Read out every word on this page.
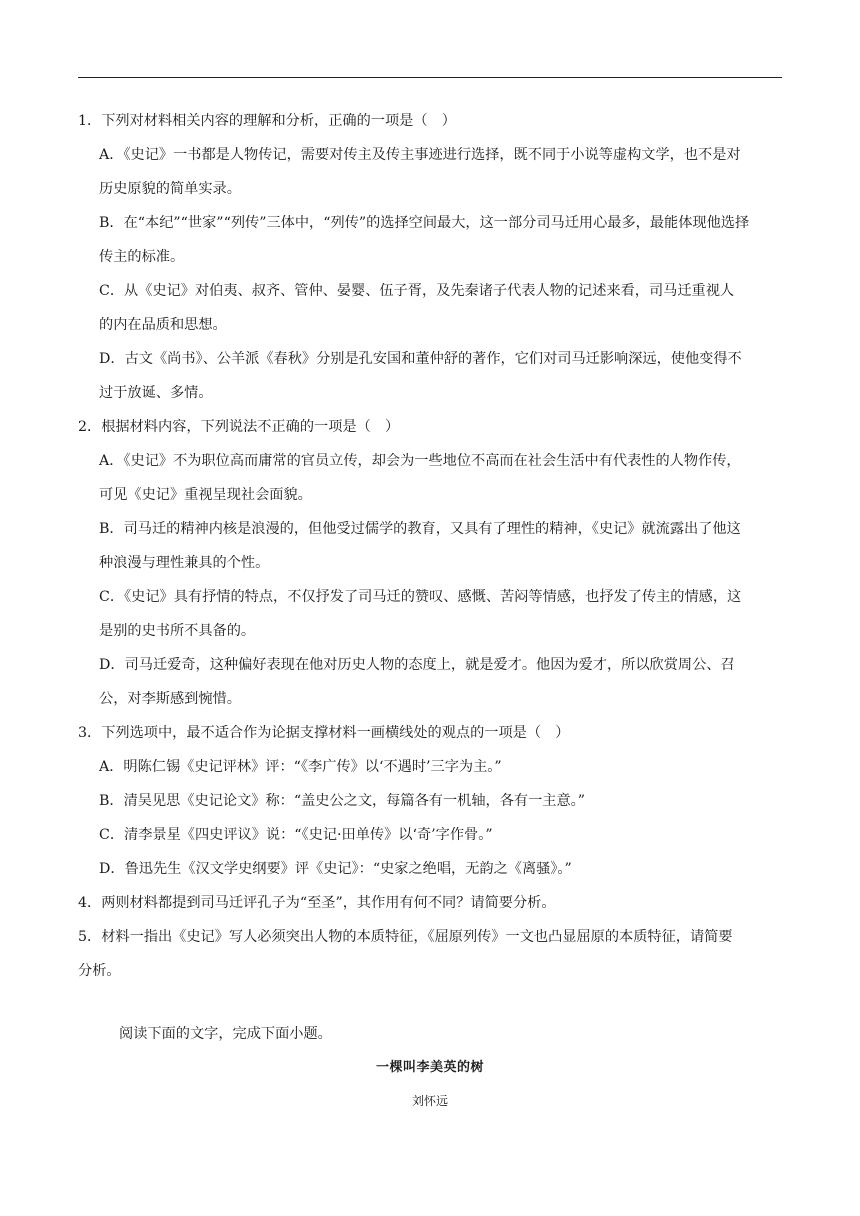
1．下列对材料相关内容的理解和分析，正确的一项是（　）

A．《史记》一书都是人物传记，需要对传主及传主事迹进行选择，既不同于小说等虚构文学，也不是对

历史原貌的简单实录。

B．在“本纪”“世家”“列传”三体中，“列传”的选择空间最大，这一部分司马迁用心最多，最能体现他选择

传主的标准。

C．从《史记》对伯夷、叔齐、管仲、晏婴、伍子胥，及先秦诸子代表人物的记述来看，司马迁重视人

的内在品质和思想。

D．古文《尚书》、公羊派《春秋》分别是孔安国和董仲舒的著作，它们对司马迁影响深远，使他变得不

过于放诞、多情。

2．根据材料内容，下列说法不正确的一项是（　）

A．《史记》不为职位高而庸常的官员立传，却会为一些地位不高而在社会生活中有代表性的人物作传，

可见《史记》重视呈现社会面貌。

B．司马迁的精神内核是浪漫的，但他受过儒学的教育，又具有了理性的精神，《史记》就流露出了他这

种浪漫与理性兼具的个性。

C．《史记》具有抒情的特点，不仅抒发了司马迁的赞叹、感慨、苦闷等情感，也抒发了传主的情感，这

是别的史书所不具备的。

D．司马迁爱奇，这种偏好表现在他对历史人物的态度上，就是爱才。他因为爱才，所以欣赏周公、召

公，对李斯感到惋惜。

3．下列选项中，最不适合作为论据支撑材料一画横线处的观点的一项是（　）

A．明陈仁锡《史记评林》评：“《李广传》以‘不遇时’三字为主。”

B．清吴见思《史记论文》称：“盖史公之文，每篇各有一机轴，各有一主意。”

C．清李景星《四史评议》说：“《史记·田单传》以‘奇’字作骨。”

D．鲁迅先生《汉文学史纲要》评《史记》：“史家之绝唱，无韵之《离骚》。”

4．两则材料都提到司马迁评孔子为“至圣”，其作用有何不同？请简要分析。

5．材料一指出《史记》写人必须突出人物的本质特征，《屈原列传》一文也凸显屈原的本质特征，请简要

分析。

阅读下面的文字，完成下面小题。

一棵叫李美英的树

刘怀远
